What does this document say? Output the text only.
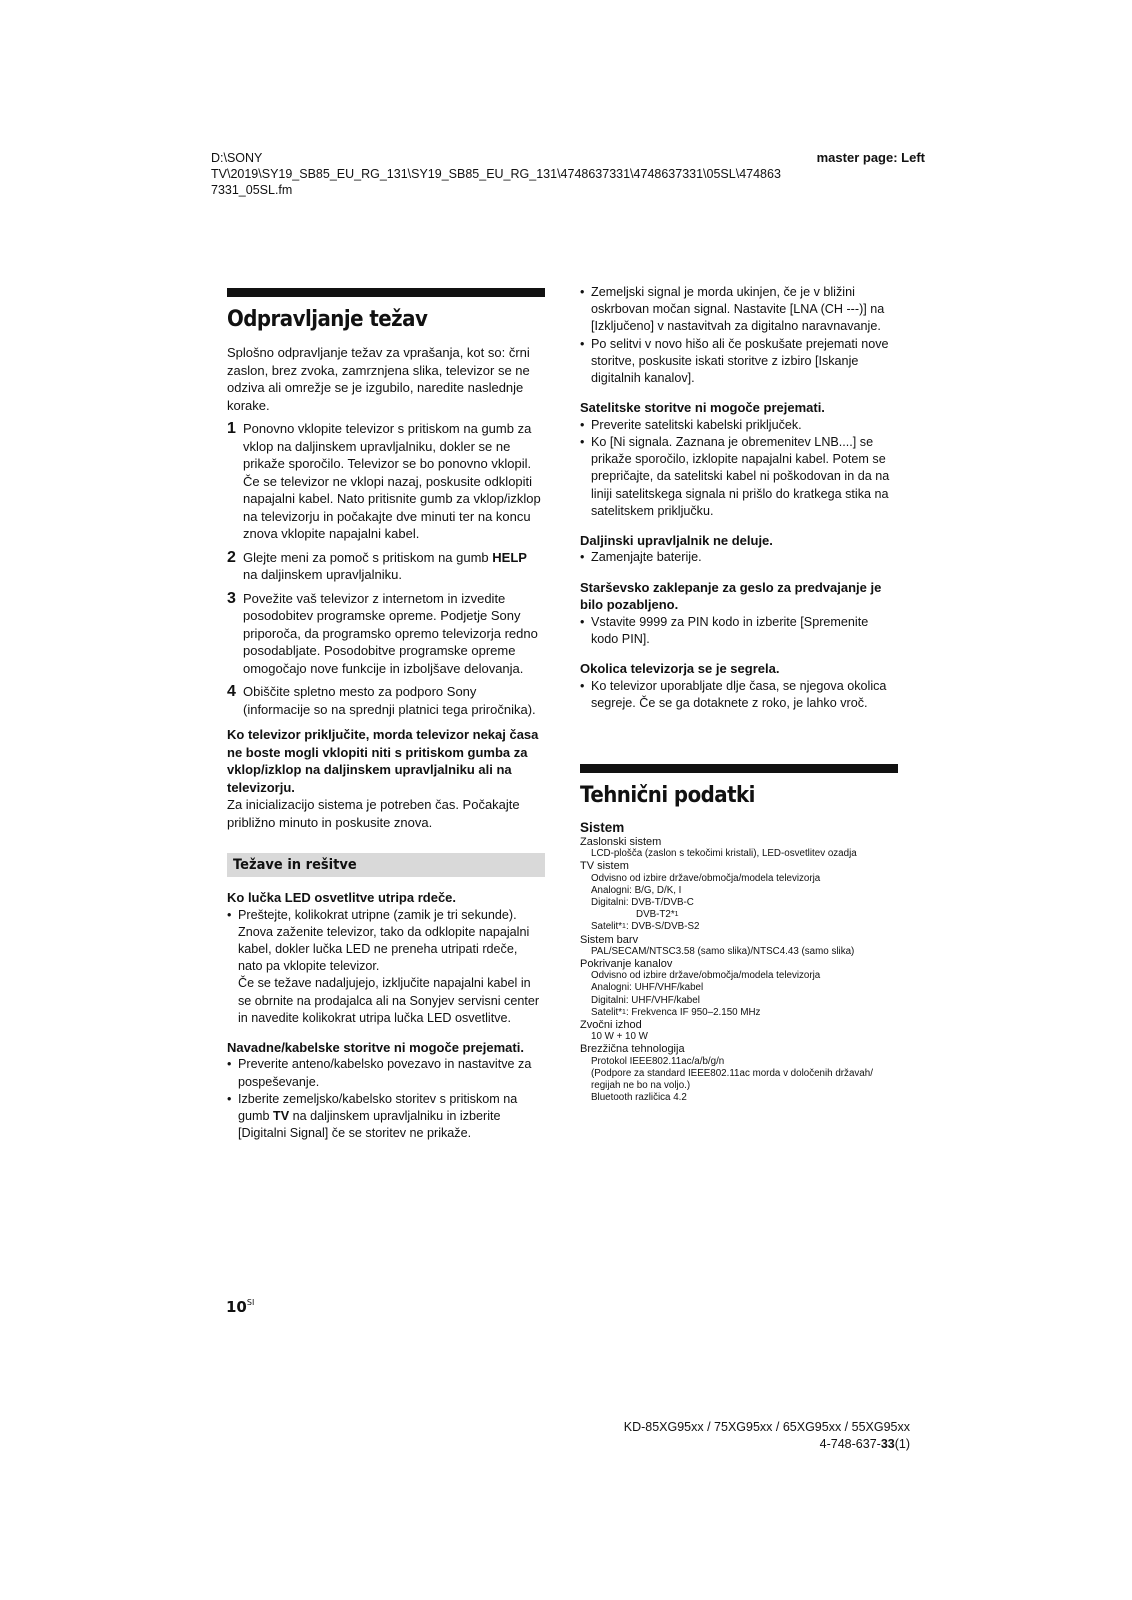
D:\SONY
TV\2019\SY19_SB85_EU_RG_131\SY19_SB85_EU_RG_131\4748637331\4748637331\05SL\474863
7331_05SL.fm
master page: Left
Odpravljanje težav

Splošno odpravljanje težav za vprašanja, kot so: črni zaslon, brez zvoka, zamrznjena slika, televizor se ne odziva ali omrežje se je izgubilo, naredite naslednje korake.

1 Ponovno vklopite televizor s pritiskom na gumb za vklop na daljinskem upravljalniku, dokler se ne prikaže sporočilo. Televizor se bo ponovno vklopil. Če se televizor ne vklopi nazaj, poskusite odklopiti napajalni kabel. Nato pritisnite gumb za vklop/izklop na televizorju in počakajte dve minuti ter na koncu znova vklopite napajalni kabel.
2 Glejte meni za pomoč s pritiskom na gumb HELP na daljinskem upravljalniku.
3 Povežite vaš televizor z internetom in izvedite posodobitev programske opreme. Podjetje Sony priporoča, da programsko opremo televizorja redno posodabljate. Posodobitve programske opreme omogočajo nove funkcije in izboljšave delovanja.
4 Obiščite spletno mesto za podporo Sony (informacije so na sprednji platnici tega priročnika).

Ko televizor priključite, morda televizor nekaj časa ne boste mogli vklopiti niti s pritiskom gumba za vklop/izklop na daljinskem upravljalniku ali na televizorju.

Za inicializacijo sistema je potreben čas. Počakajte približno minuto in poskusite znova.

Težave in rešitve
Ko lučka LED osvetlitve utripa rdeče.
• Preštejte, kolikokrat utripne (zamik je tri sekunde).
Znova zaženite televizor, tako da odklopite napajalni kabel, dokler lučka LED ne preneha utripati rdeče, nato pa vklopite televizor.
Če se težave nadaljujejo, izključite napajalni kabel in se obrnite na prodajalca ali na Sonyjev servisni center in navedite kolikokrat utripa lučka LED osvetlitve.
Navadne/kabelske storitve ni mogoče prejemati.
• Preverite anteno/kabelsko povezavo in nastavitve za pospeševanje.
• Izberite zemeljsko/kabelsko storitev s pritiskom na gumb TV na daljinskem upravljalniku in izberite [Digitalni Signal] če se storitev ne prikaže.
• Zemeljski signal je morda ukinjen, če je v bližini oskrbovan močan signal. Nastavite [LNA (CH ---)] na [Izključeno] v nastavitvah za digitalno naravnavanje.
• Po selitvi v novo hišo ali če poskušate prejemati nove storitve, poskusite iskati storitve z izbiro [Iskanje digitalnih kanalov].
Satelitske storitve ni mogoče prejemati.
• Preverite satelitski kabelski priključek.
• Ko [Ni signala. Zaznana je obremenitev LNB....] se prikaže sporočilo, izklopite napajalni kabel. Potem se prepričajte, da satelitski kabel ni poškodovan in da na liniji satelitskega signala ni prišlo do kratkega stika na satelitskem priključku.
Daljinski upravljalnik ne deluje.
• Zamenjajte baterije.
Starševsko zaklepanje za geslo za predvajanje je bilo pozabljeno.
• Vstavite 9999 za PIN kodo in izberite [Spremenite kodo PIN].
Okolica televizorja se je segrela.
• Ko televizor uporabljate dlje časa, se njegova okolica segreje. Če se ga dotaknete z roko, je lahko vroč.
Tehnični podatki
Sistem
Zaslonski sistem
LCD-plošča (zaslon s tekočimi kristali), LED-osvetlitev ozadja
TV sistem
Odvisno od izbire države/območja/modela televizorja
Analogni: B/G, D/K, I
Digitalni: DVB-T/DVB-C
DVB-T2*$^1$
Satelit*$^1$: DVB-S/DVB-S2
Sistem barv
PAL/SECAM/NTSC3.58 (samo slika)/NTSC4.43 (samo slika)
Pokrivanje kanalov
Odvisno od izbire države/območja/modela televizorja
Analogni: UHF/VHF/kabel
Digitalni: UHF/VHF/kabel
Satelit*$^1$: Frekvenca IF 950–2.150 MHz
Zvočni izhod
10 W + 10 W
Brezžična tehnologija
Protokol IEEE802.11ac/a/b/g/n
(Podpore za standard IEEE802.11ac morda v določenih državah/ regijah ne bo na voljo.)
Bluetooth različica 4.2
$10^{SI}$
KD-85XG95xx / 75XG95xx / 65XG95xx / 55XG95xx
4-748-637-33(1)
